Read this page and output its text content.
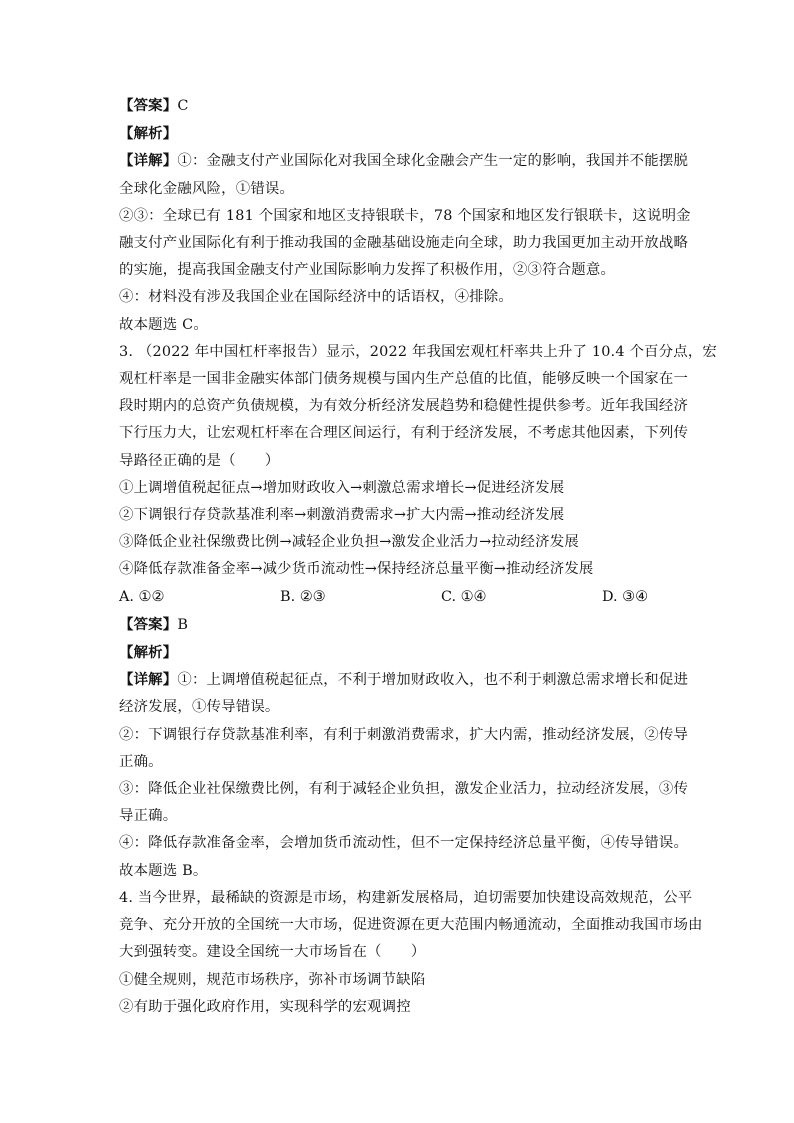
【答案】C
【解析】
【详解】①：金融支付产业国际化对我国全球化金融会产生一定的影响，我国并不能摆脱
全球化金融风险，①错误。
②③：全球已有 181 个国家和地区支持银联卡，78 个国家和地区发行银联卡，这说明金
融支付产业国际化有利于推动我国的金融基础设施走向全球，助力我国更加主动开放战略
的实施，提高我国金融支付产业国际影响力发挥了积极作用，②③符合题意。
④：材料没有涉及我国企业在国际经济中的话语权，④排除。
故本题选 C。
3. （2022 年中国杠杆率报告）显示，2022 年我国宏观杠杆率共上升了 10.4 个百分点，宏
观杠杆率是一国非金融实体部门债务规模与国内生产总值的比值，能够反映一个国家在一
段时期内的总资产负债规模，为有效分析经济发展趋势和稳健性提供参考。近年我国经济
下行压力大，让宏观杠杆率在合理区间运行，有利于经济发展，不考虑其他因素，下列传
导路径正确的是（　　）
①上调增值税起征点→增加财政收入→刺激总需求增长→促进经济发展
②下调银行存贷款基准利率→刺激消费需求→扩大内需→推动经济发展
③降低企业社保缴费比例→减轻企业负担→激发企业活力→拉动经济发展
④降低存款准备金率→减少货币流动性→保持经济总量平衡→推动经济发展
A. ①②	B. ②③	C. ①④	D. ③④
【答案】B
【解析】
【详解】①：上调增值税起征点，不利于增加财政收入，也不利于刺激总需求增长和促进
经济发展，①传导错误。
②：下调银行存贷款基准利率，有利于刺激消费需求，扩大内需，推动经济发展，②传导
正确。
③：降低企业社保缴费比例，有利于减轻企业负担，激发企业活力，拉动经济发展，③传
导正确。
④：降低存款准备金率，会增加货币流动性，但不一定保持经济总量平衡，④传导错误。
故本题选 B。
4. 当今世界，最稀缺的资源是市场，构建新发展格局，迫切需要加快建设高效规范，公平
竞争、充分开放的全国统一大市场，促进资源在更大范围内畅通流动，全面推动我国市场由
大到强转变。建设全国统一大市场旨在（　　）
①健全规则，规范市场秩序，弥补市场调节缺陷
②有助于强化政府作用，实现科学的宏观调控
